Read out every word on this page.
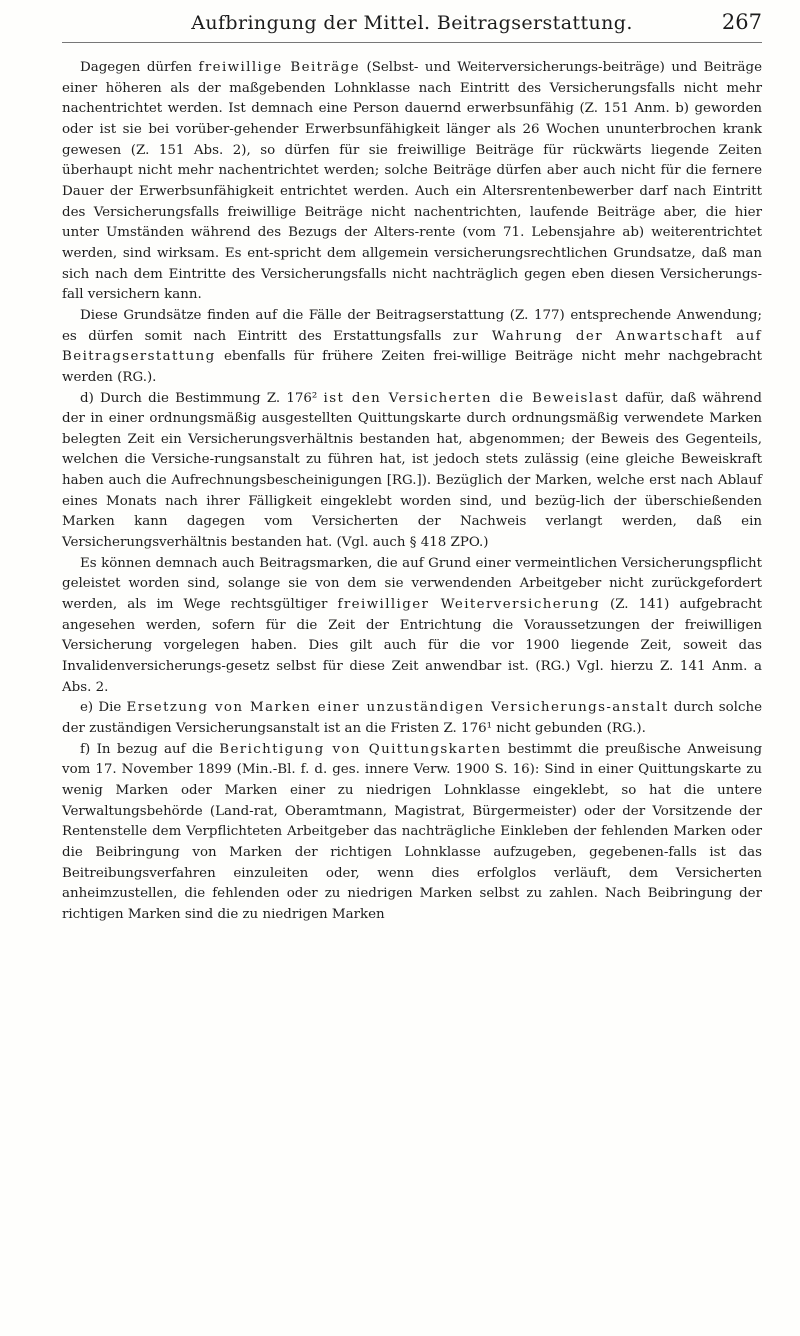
Aufbringung der Mittel. Beitragserstattung.	267

Dagegen dürfen freiwillige Beiträge (Selbst- und Weiterversicherungs-beiträge) und Beiträge einer höheren als der maßgebenden Lohnklasse nach Eintritt des Versicherungsfalls nicht mehr nachentrichtet werden. Ist demnach eine Person dauernd erwerbsunfähig (Z. 151 Anm. b) geworden oder ist sie bei vorüber-gehender Erwerbsunfähigkeit länger als 26 Wochen ununterbrochen krank gewesen (Z. 151 Abs. 2), so dürfen für sie freiwillige Beiträge für rückwärts liegende Zeiten überhaupt nicht mehr nachentrichtet werden; solche Beiträge dürfen aber auch nicht für die fernere Dauer der Erwerbsunfähigkeit entrichtet werden. Auch ein Altersrentenbewerber darf nach Eintritt des Versicherungsfalls freiwillige Beiträge nicht nachentrichten, laufende Beiträge aber, die hier unter Umständen während des Bezugs der Alters-rente (vom 71. Lebensjahre ab) weiterentrichtet werden, sind wirksam. Es ent-spricht dem allgemein versicherungsrechtlichen Grundsatze, daß man sich nach dem Eintritte des Versicherungsfalls nicht nachträglich gegen eben diesen Versicherungs-fall versichern kann.

Diese Grundsätze finden auf die Fälle der Beitragserstattung (Z. 177) entsprechende Anwendung; es dürfen somit nach Eintritt des Erstattungsfalls zur Wahrung der Anwartschaft auf Beitragserstattung ebenfalls für frühere Zeiten frei-willige Beiträge nicht mehr nachgebracht werden (RG.).

d) Durch die Bestimmung Z. 176² ist den Versicherten die Beweislast dafür, daß während der in einer ordnungsmäßig ausgestellten Quittungskarte durch ordnungsmäßig verwendete Marken belegten Zeit ein Versicherungsverhältnis bestanden hat, abgenommen; der Beweis des Gegenteils, welchen die Versiche-rungsanstalt zu führen hat, ist jedoch stets zulässig (eine gleiche Beweiskraft haben auch die Aufrechnungsbescheinigungen [RG.]). Bezüglich der Marken, welche erst nach Ablauf eines Monats nach ihrer Fälligkeit eingeklebt worden sind, und bezüg-lich der überschießenden Marken kann dagegen vom Versicherten der Nachweis verlangt werden, daß ein Versicherungsverhältnis bestanden hat. (Vgl. auch § 418 ZPO.)

Es können demnach auch Beitragsmarken, die auf Grund einer vermeintlichen Versicherungspflicht geleistet worden sind, solange sie von dem sie verwendenden Arbeitgeber nicht zurückgefordert werden, als im Wege rechtsgültiger freiwilliger Weiterversicherung (Z. 141) aufgebracht angesehen werden, sofern für die Zeit der Entrichtung die Voraussetzungen der freiwilligen Versicherung vorgelegen haben. Dies gilt auch für die vor 1900 liegende Zeit, soweit das Invalidenversicherungs-gesetz selbst für diese Zeit anwendbar ist. (RG.) Vgl. hierzu Z. 141 Anm. a Abs. 2.

e) Die Ersetzung von Marken einer unzuständigen Versicherungs-anstalt durch solche der zuständigen Versicherungsanstalt ist an die Fristen Z. 176¹ nicht gebunden (RG.).

f) In bezug auf die Berichtigung von Quittungskarten bestimmt die preußische Anweisung vom 17. November 1899 (Min.-Bl. f. d. ges. innere Verw. 1900 S. 16): Sind in einer Quittungskarte zu wenig Marken oder Marken einer zu niedrigen Lohnklasse eingeklebt, so hat die untere Verwaltungsbehörde (Land-rat, Oberamtmann, Magistrat, Bürgermeister) oder der Vorsitzende der Rentenstelle dem Verpflichteten Arbeitgeber das nachträgliche Einkleben der fehlenden Marken oder die Beibringung von Marken der richtigen Lohnklasse aufzugeben, gegebenen-falls ist das Beitreibungsverfahren einzuleiten oder, wenn dies erfolglos verläuft, dem Versicherten anheimzustellen, die fehlenden oder zu niedrigen Marken selbst zu zahlen. Nach Beibringung der richtigen Marken sind die zu niedrigen Marken
